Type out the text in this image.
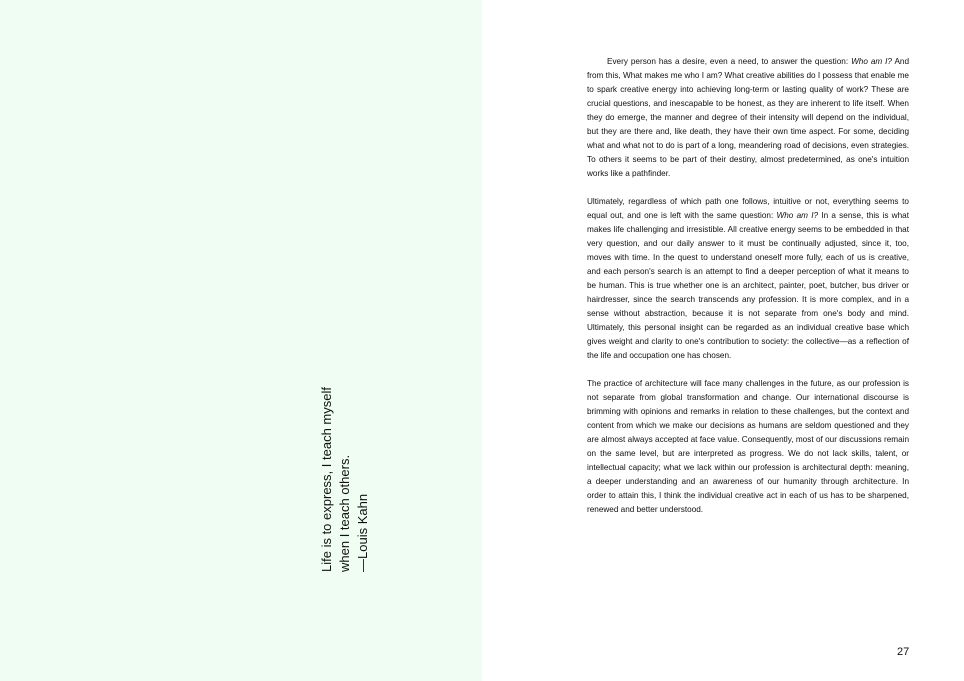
Life is to express, I teach myself when I teach others. —Louis Kahn

Every person has a desire, even a need, to answer the question: Who am I? And from this, What makes me who I am? What creative abilities do I possess that enable me to spark creative energy into achieving long-term or lasting quality of work? These are crucial questions, and inescapable to be honest, as they are inherent to life itself. When they do emerge, the manner and degree of their intensity will depend on the individual, but they are there and, like death, they have their own time aspect. For some, deciding what and what not to do is part of a long, meandering road of decisions, even strategies. To others it seems to be part of their destiny, almost predetermined, as one's intuition works like a pathfinder.

Ultimately, regardless of which path one follows, intuitive or not, everything seems to equal out, and one is left with the same question: Who am I? In a sense, this is what makes life challenging and irresistible. All creative energy seems to be embedded in that very question, and our daily answer to it must be continually adjusted, since it, too, moves with time. In the quest to understand oneself more fully, each of us is creative, and each person's search is an attempt to find a deeper perception of what it means to be human. This is true whether one is an architect, painter, poet, butcher, bus driver or hairdresser, since the search transcends any profession. It is more complex, and in a sense without abstraction, because it is not separate from one's body and mind. Ultimately, this personal insight can be regarded as an individual creative base which gives weight and clarity to one's contribution to society: the collective—as a reflection of the life and occupation one has chosen.

The practice of architecture will face many challenges in the future, as our profession is not separate from global transformation and change. Our international discourse is brimming with opinions and remarks in relation to these challenges, but the context and content from which we make our decisions as humans are seldom questioned and they are almost always accepted at face value. Consequently, most of our discussions remain on the same level, but are interpreted as progress. We do not lack skills, talent, or intellectual capacity; what we lack within our profession is architectural depth: meaning, a deeper understanding and an awareness of our humanity through architecture. In order to attain this, I think the individual creative act in each of us has to be sharpened, renewed and better understood.

27
